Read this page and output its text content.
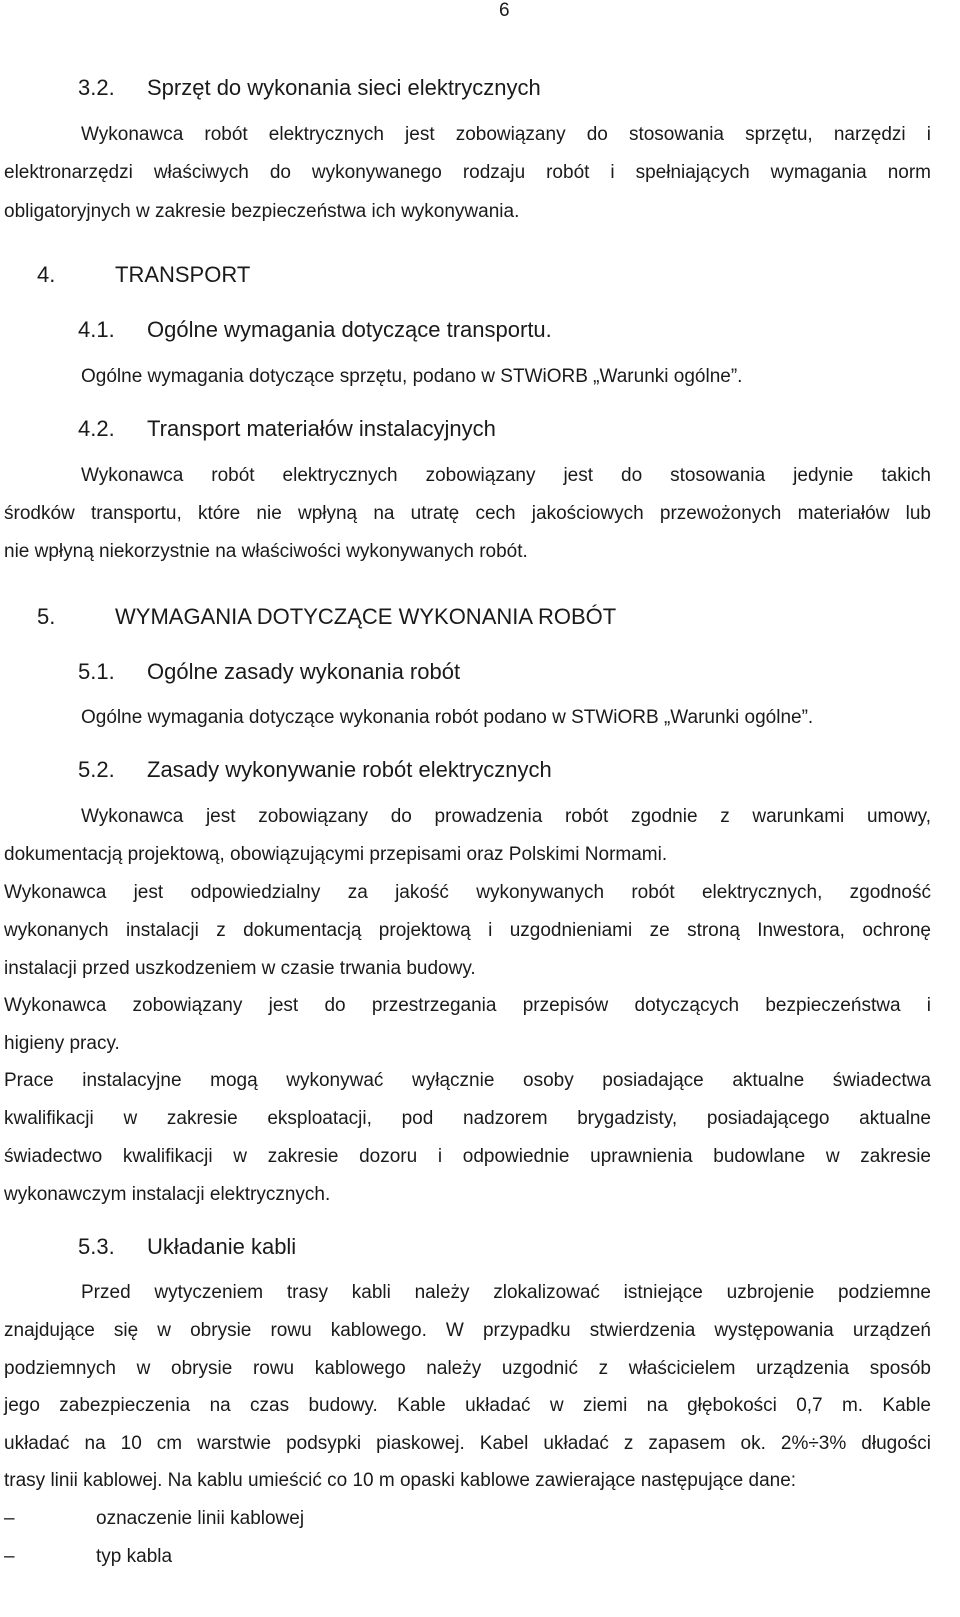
6
3.2. Sprzęt do wykonania sieci elektrycznych
Wykonawca robót elektrycznych jest zobowiązany do stosowania sprzętu, narzędzi i
elektronarzędzi właściwych do wykonywanego rodzaju robót i spełniających wymagania norm
obligatoryjnych w zakresie bezpieczeństwa ich wykonywania.
4.	TRANSPORT
4.1. Ogólne wymagania dotyczące transportu.
Ogólne wymagania dotyczące sprzętu, podano w STWiORB „Warunki ogólne”.
4.2. Transport materiałów instalacyjnych
Wykonawca robót elektrycznych zobowiązany jest do stosowania jedynie takich
środków transportu, które nie wpłyną na utratę cech jakościowych przewożonych materiałów lub
nie wpłyną niekorzystnie na właściwości wykonywanych robót.
5.	WYMAGANIA DOTYCZĄCE WYKONANIA ROBÓT
5.1. Ogólne zasady wykonania robót
Ogólne wymagania dotyczące wykonania robót podano w STWiORB „Warunki ogólne”.
5.2. Zasady wykonywanie robót elektrycznych
Wykonawca jest zobowiązany do prowadzenia robót zgodnie z warunkami umowy,
dokumentacją projektową, obowiązującymi przepisami oraz Polskimi Normami.
Wykonawca jest odpowiedzialny za jakość wykonywanych robót elektrycznych, zgodność
wykonanych instalacji z dokumentacją projektową i uzgodnieniami ze stroną Inwestora, ochronę
instalacji przed uszkodzeniem w czasie trwania budowy.
Wykonawca zobowiązany jest do przestrzegania przepisów dotyczących bezpieczeństwa i
higieny pracy.
Prace instalacyjne mogą wykonywać wyłącznie osoby posiadające aktualne świadectwa
kwalifikacji w zakresie eksploatacji, pod nadzorem brygadzisty, posiadającego aktualne
świadectwo kwalifikacji w zakresie dozoru i odpowiednie uprawnienia budowlane w zakresie
wykonawczym instalacji elektrycznych.
5.3. Układanie kabli
Przed wytyczeniem trasy kabli należy zlokalizować istniejące uzbrojenie podziemne
znajdujące się w obrysie rowu kablowego. W przypadku stwierdzenia występowania urządzeń
podziemnych w obrysie rowu kablowego należy uzgodnić z właścicielem urządzenia sposób
jego zabezpieczenia na czas budowy. Kable układać w ziemi na głębokości 0,7 m. Kable
układać na 10 cm warstwie podsypki piaskowej. Kabel układać z zapasem ok. 2%÷3% długości
trasy linii kablowej. Na kablu umieścić co 10 m opaski kablowe zawierające następujące dane:
–	oznaczenie linii kablowej
–	typ kabla
